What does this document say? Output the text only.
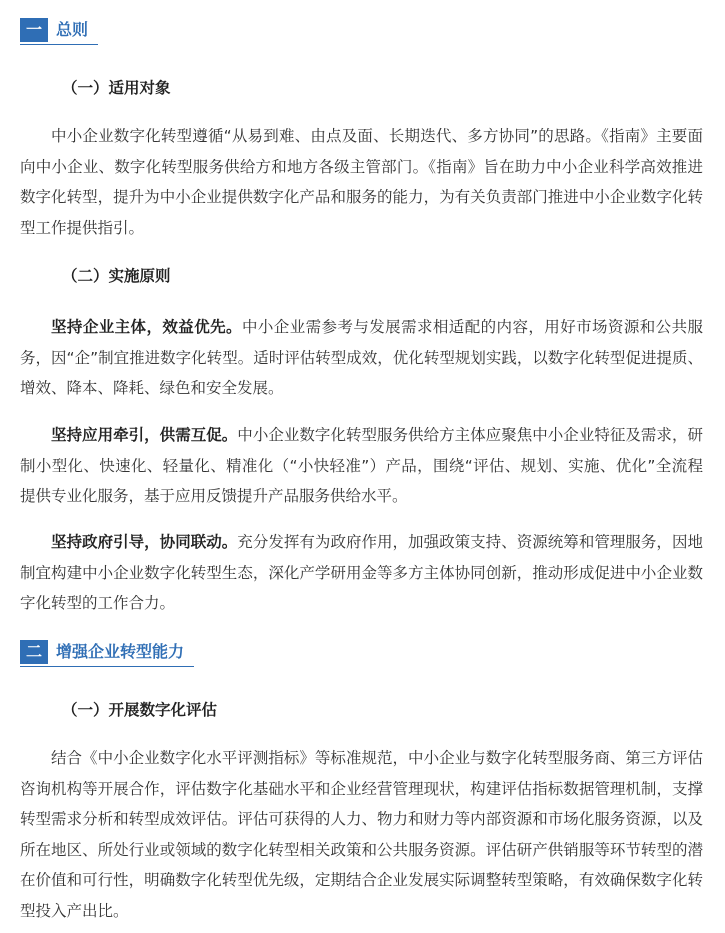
一 总则
（一）适用对象

中小企业数字化转型遵循“从易到难、由点及面、长期迭代、多方协同”的思路。《指南》主要面向中小企业、数字化转型服务供给方和地方各级主管部门。《指南》旨在助力中小企业科学高效推进数字化转型，提升为中小企业提供数字化产品和服务的能力，为有关负责部门推进中小企业数字化转型工作提供指引。

（二）实施原则

坚持企业主体，效益优先。中小企业需参考与发展需求相适配的内容，用好市场资源和公共服务，因“企”制宜推进数字化转型。适时评估转型成效，优化转型规划实践，以数字化转型促进提质、增效、降本、降耗、绿色和安全发展。

坚持应用牵引，供需互促。中小企业数字化转型服务供给方主体应聚焦中小企业特征及需求，研制小型化、快速化、轻量化、精准化（“小快轻准”）产品，围绕“评估、规划、实施、优化”全流程提供专业化服务，基于应用反馈提升产品服务供给水平。

坚持政府引导，协同联动。充分发挥有为政府作用，加强政策支持、资源统筹和管理服务，因地制宜构建中小企业数字化转型生态，深化产学研用金等多方主体协同创新，推动形成促进中小企业数字化转型的工作合力。

二 增强企业转型能力
（一）开展数字化评估

结合《中小企业数字化水平评测指标》等标准规范，中小企业与数字化转型服务商、第三方评估咨询机构等开展合作，评估数字化基础水平和企业经营管理现状，构建评估指标数据管理机制，支撑转型需求分析和转型成效评估。评估可获得的人力、物力和财力等内部资源和市场化服务资源，以及所在地区、所处行业或领域的数字化转型相关政策和公共服务资源。评估研产供销服等环节转型的潜在价值和可行性，明确数字化转型优先级，定期结合企业发展实际调整转型策略，有效确保数字化转型投入产出比。
